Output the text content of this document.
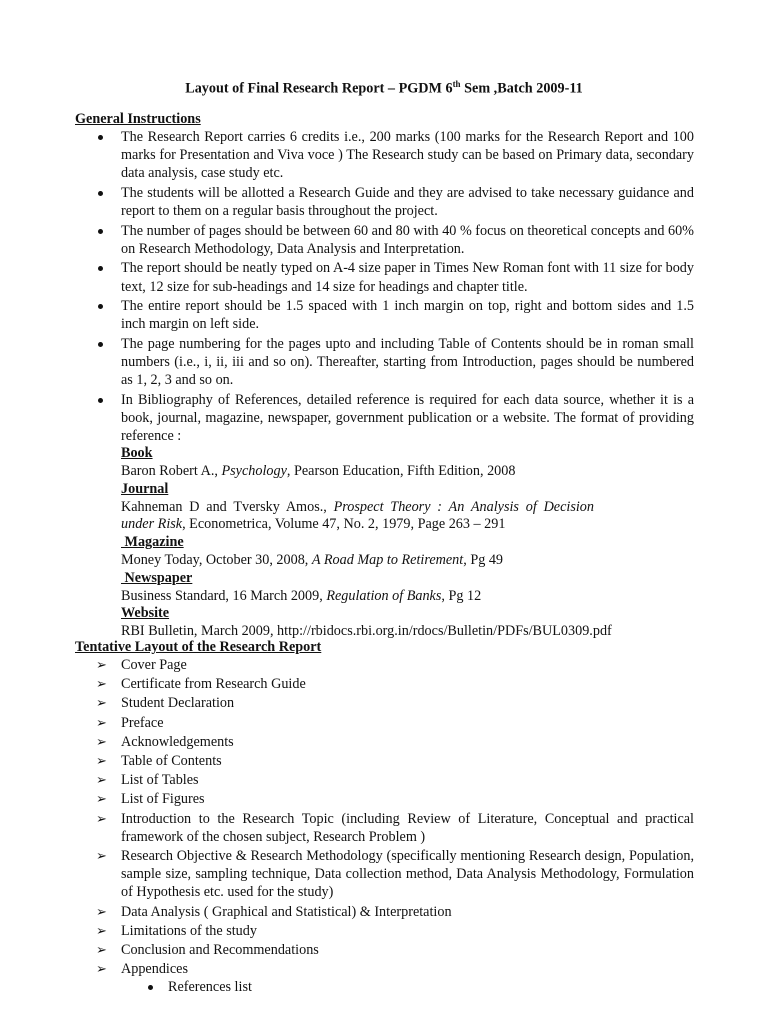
Layout of Final Research Report – PGDM 6th Sem ,Batch 2009-11
General Instructions
The Research Report carries 6 credits i.e., 200 marks (100 marks for the Research Report and 100 marks for Presentation and Viva voce ) The Research study can be based on Primary data, secondary data analysis, case study etc.
The students will be allotted a Research Guide and they are advised to take necessary guidance and report to them on a regular basis throughout the project.
The number of pages should be between 60 and 80 with 40 % focus on theoretical concepts and 60% on Research Methodology, Data Analysis and Interpretation.
The report should be neatly typed on A-4 size paper in Times New Roman font with 11 size for body text, 12 size for sub-headings and 14 size for headings and chapter title.
The entire report should be 1.5 spaced with 1 inch margin on top, right and bottom sides and 1.5 inch margin on left side.
The page numbering for the pages upto and including Table of Contents should be in roman small numbers (i.e., i, ii, iii and so on). Thereafter, starting from Introduction, pages should be numbered as 1, 2, 3 and so on.
In Bibliography of References, detailed reference is required for each data source, whether it is a book, journal, magazine, newspaper, government publication or a website. The format of providing reference :
Book
Baron Robert A., Psychology, Pearson Education, Fifth Edition, 2008
Journal
Kahneman D and Tversky Amos., Prospect Theory : An Analysis of Decision under Risk, Econometrica, Volume 47, No. 2, 1979, Page 263 – 291
Magazine
Money Today, October 30, 2008, A Road Map to Retirement, Pg 49
Newspaper
Business Standard, 16 March 2009, Regulation of Banks, Pg 12
Website
RBI Bulletin, March 2009, http://rbidocs.rbi.org.in/rdocs/Bulletin/PDFs/BUL0309.pdf
Tentative Layout of the Research Report
➢ Cover Page
➢ Certificate from Research Guide
➢ Student Declaration
➢ Preface
➢ Acknowledgements
➢ Table of Contents
➢ List of Tables
➢ List of Figures
➢ Introduction to the Research Topic (including Review of Literature, Conceptual and practical framework of the chosen subject, Research Problem )
➢ Research Objective & Research Methodology (specifically mentioning Research design, Population, sample size, sampling technique, Data collection method, Data Analysis Methodology, Formulation of Hypothesis etc. used for the study)
➢ Data Analysis ( Graphical and Statistical) & Interpretation
➢ Limitations of the study
➢ Conclusion and Recommendations
➢ Appendices
References list
